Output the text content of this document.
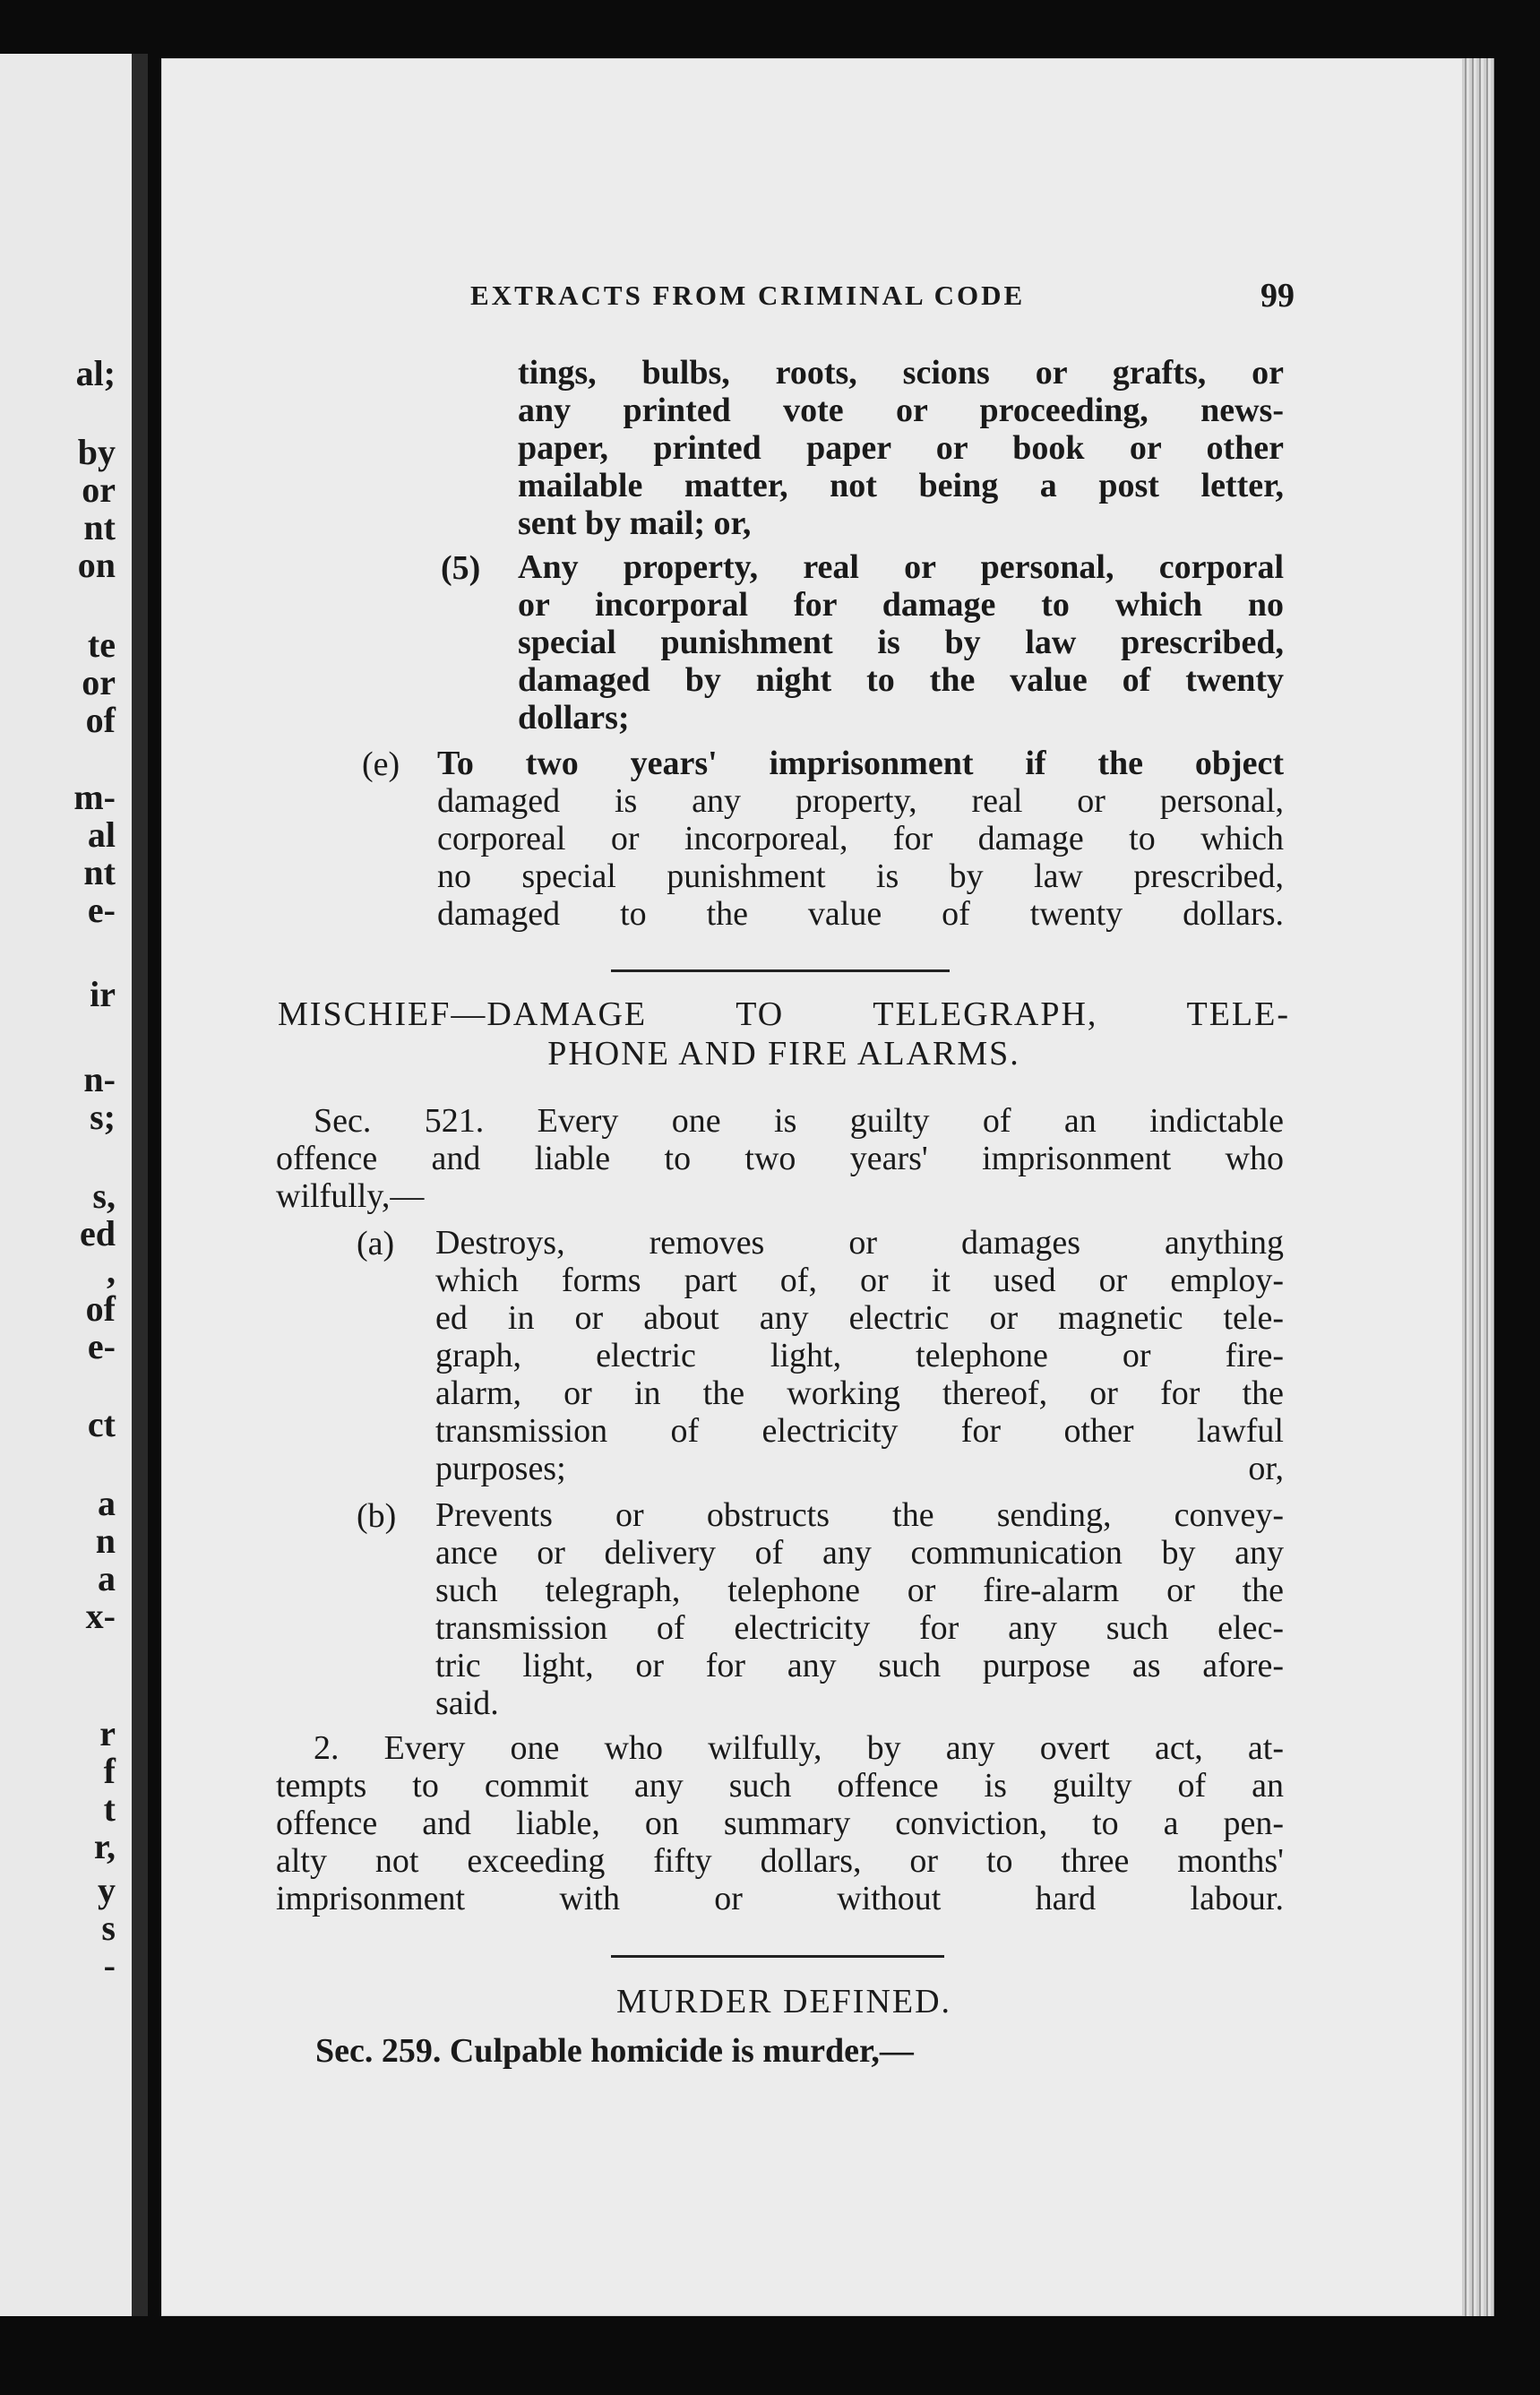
al;
by
or
nt
on
te
or
of
m-
al
nt
e-
ir
n-
s;
s,
ed
,
of
e-
ct
a
n
a
x-
r
f
t
r,
y
s
-
EXTRACTS FROM CRIMINAL CODE	99
tings, bulbs, roots, scions or grafts, or
any printed vote or proceeding, news-
paper, printed paper or book or other
mailable matter, not being a post letter,
sent by mail; or,
(5) Any property, real or personal, corporal
or incorporal for damage to which no
special punishment is by law prescribed,
damaged by night to the value of twenty
dollars;
(e) To two years' imprisonment if the object
damaged is any property, real or personal,
corporeal or incorporeal, for damage to which
no special punishment is by law prescribed,
damaged to the value of twenty dollars.
MISCHIEF—DAMAGE TO TELEGRAPH, TELE-
PHONE AND FIRE ALARMS.
Sec. 521. Every one is guilty of an indictable
offence and liable to two years' imprisonment who
wilfully,—
(a) Destroys, removes or damages anything
which forms part of, or it used or employ-
ed in or about any electric or magnetic tele-
graph, electric light, telephone or fire-
alarm, or in the working thereof, or for the
transmission of electricity for other lawful
purposes; or,
(b) Prevents or obstructs the sending, convey-
ance or delivery of any communication by any
such telegraph, telephone or fire-alarm or the
transmission of electricity for any such elec-
tric light, or for any such purpose as afore-
said.
2. Every one who wilfully, by any overt act, at-
tempts to commit any such offence is guilty of an
offence and liable, on summary conviction, to a pen-
alty not exceeding fifty dollars, or to three months'
imprisonment with or without hard labour.
MURDER DEFINED.
Sec. 259. Culpable homicide is murder,—
